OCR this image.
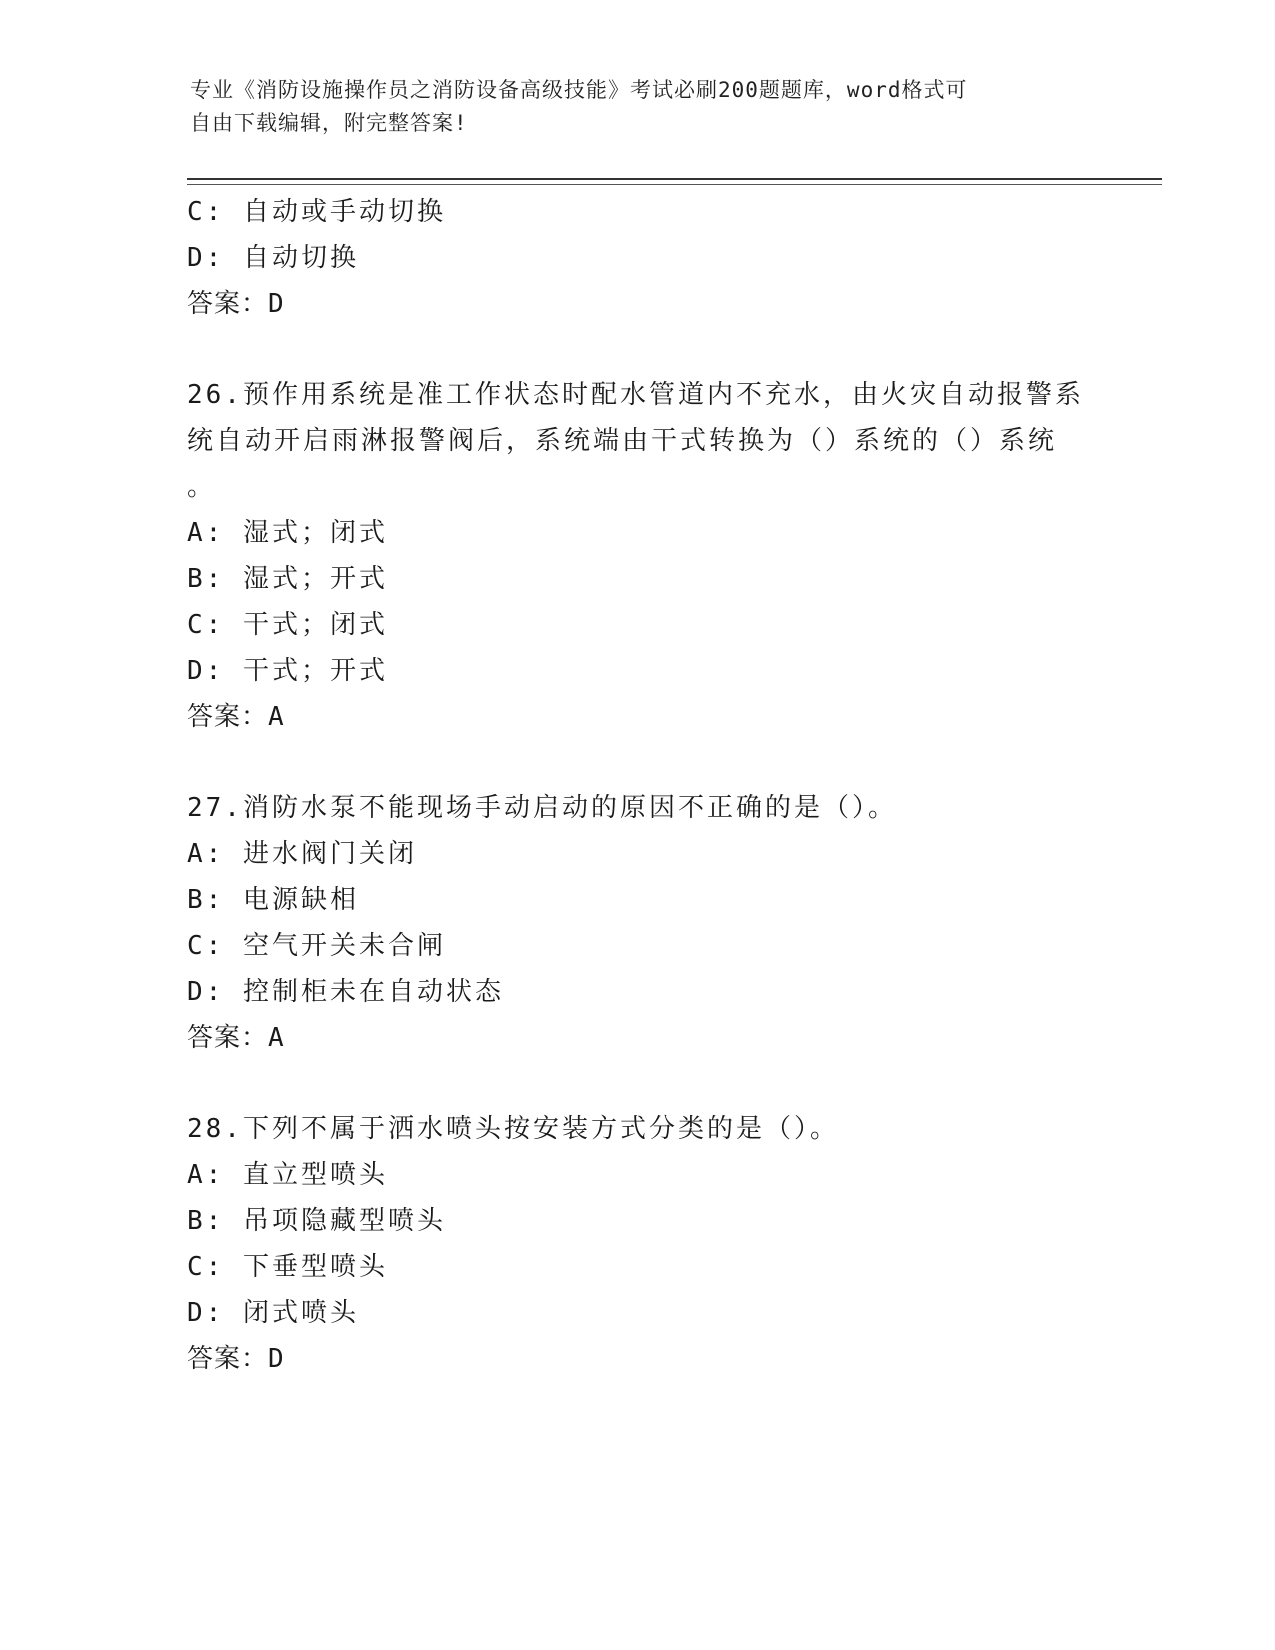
专业《消防设施操作员之消防设备高级技能》考试必刷200题题库，word格式可
自由下载编辑，附完整答案!
C: 自动或手动切换
D: 自动切换
答案：D
26.预作用系统是准工作状态时配水管道内不充水，由火灾自动报警系
统自动开启雨淋报警阀后，系统端由干式转换为（）系统的（）系统
。
A: 湿式；闭式
B: 湿式；开式
C: 干式；闭式
D: 干式；开式
答案：A
27.消防水泵不能现场手动启动的原因不正确的是（）。
A: 进水阀门关闭
B: 电源缺相
C: 空气开关未合闸
D: 控制柜未在自动状态
答案：A
28.下列不属于洒水喷头按安装方式分类的是（）。
A: 直立型喷头
B: 吊项隐藏型喷头
C: 下垂型喷头
D: 闭式喷头
答案：D
